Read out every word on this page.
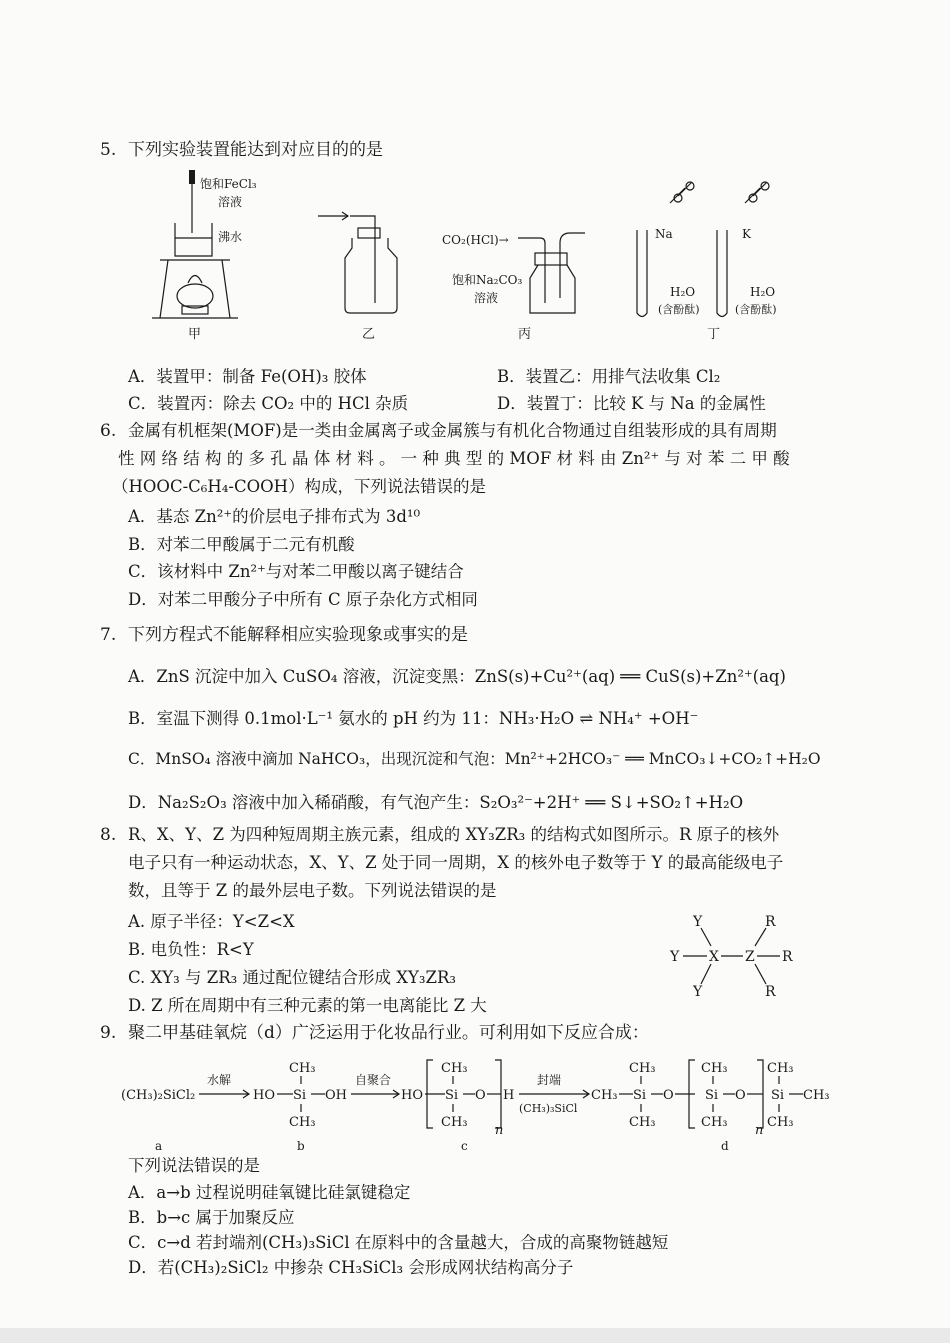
5. 下列实验装置能达到对应目的的是
饱和FeCl₃
溶液
沸水
甲	乙
CO₂(HCl)→
饱和Na₂CO₃
溶液
丙
Na
H₂O
(含酚酞)
K
H₂O
(含酚酞)
丁
A．装置甲：制备 Fe(OH)₃ 胶体	B．装置乙：用排气法收集 Cl₂
C．装置丙：除去 CO₂ 中的 HCl 杂质	D．装置丁：比较 K 与 Na 的金属性
6. 金属有机框架(MOF)是一类由金属离子或金属簇与有机化合物通过自组装形成的具有周期
性 网 络 结 构 的 多 孔 晶 体 材 料 。 一 种 典 型 的 MOF 材 料 由 Zn²⁺ 与 对 苯 二 甲 酸
（HOOC-C₆H₄-COOH）构成，下列说法错误的是
A．基态 Zn²⁺的价层电子排布式为 3d¹⁰
B．对苯二甲酸属于二元有机酸
C．该材料中 Zn²⁺与对苯二甲酸以离子键结合
D．对苯二甲酸分子中所有 C 原子杂化方式相同
7. 下列方程式不能解释相应实验现象或事实的是
A．ZnS 沉淀中加入 CuSO₄ 溶液，沉淀变黑：ZnS(s)+Cu²⁺(aq) ══ CuS(s)+Zn²⁺(aq)
B．室温下测得 0.1mol·L⁻¹ 氨水的 pH 约为 11：NH₃·H₂O ⇌ NH₄⁺ +OH⁻
C．MnSO₄ 溶液中滴加 NaHCO₃，出现沉淀和气泡：Mn²⁺+2HCO₃⁻ ══ MnCO₃↓+CO₂↑+H₂O
D．Na₂S₂O₃ 溶液中加入稀硝酸，有气泡产生：S₂O₃²⁻+2H⁺ ══ S↓+SO₂↑+H₂O
8. R、X、Y、Z 为四种短周期主族元素，组成的 XY₃ZR₃ 的结构式如图所示。R 原子的核外
电子只有一种运动状态，X、Y、Z 处于同一周期，X 的核外电子数等于 Y 的最高能级电子
数，且等于 Z 的最外层电子数。下列说法错误的是
A. 原子半径：Y<Z<X
B. 电负性：R<Y
C. XY₃ 与 ZR₃ 通过配位键结合形成 XY₃ZR₃
D. Z 所在周期中有三种元素的第一电离能比 Z 大
Y
Y
Y
X Z
R
R
R
9. 聚二甲基硅氧烷（d）广泛运用于化妆品行业。可利用如下反应合成：
(CH₃)₂SiCl₂
a
水解
HO Si OH
CH₃
CH₃
b
自聚合
HO Si
CH₃
CH₃
O H
n
c
封端
(CH₃)₃SiCl
CH₃ Si
CH₃
CH₃
O Si
CH₃
CH₃
O
n
Si
CH₃
CH₃
CH₃
d
下列说法错误的是
A．a→b 过程说明硅氧键比硅氯键稳定
B．b→c 属于加聚反应
C．c→d 若封端剂(CH₃)₃SiCl 在原料中的含量越大，合成的高聚物链越短
D．若(CH₃)₂SiCl₂ 中掺杂 CH₃SiCl₃ 会形成网状结构高分子
